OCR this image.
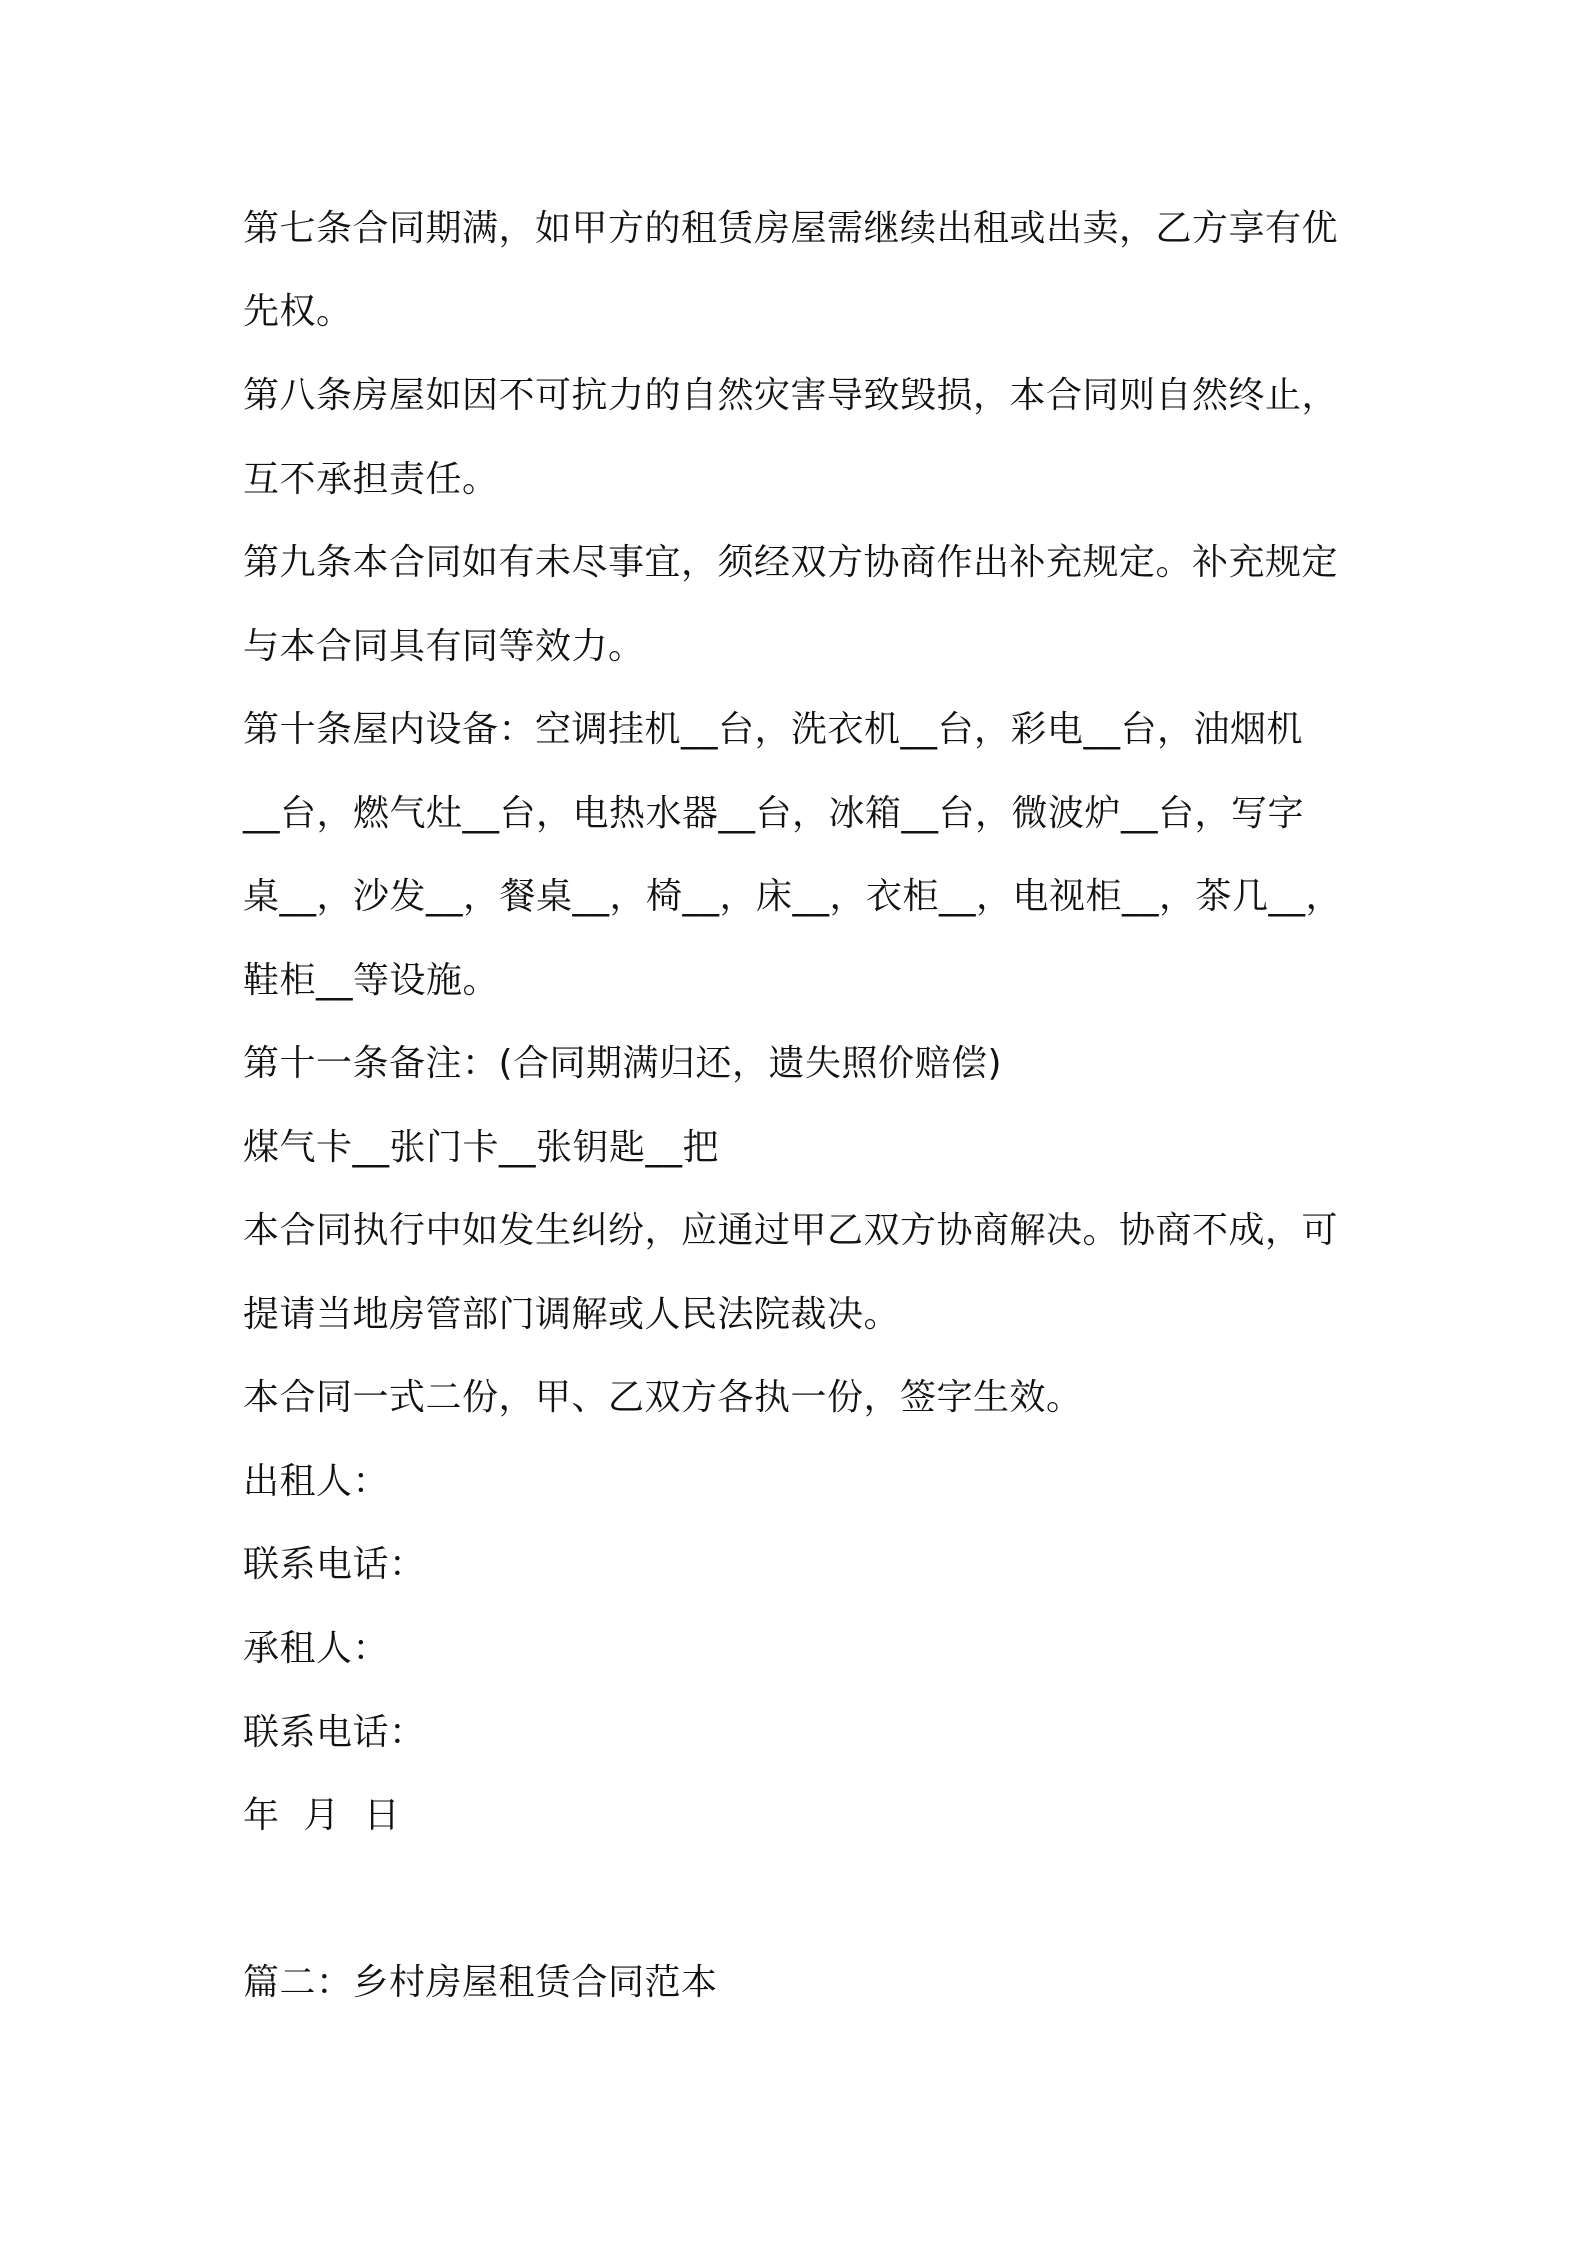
第七条合同期满，如甲方的租赁房屋需继续出租或出卖，乙方享有优
先权。
第八条房屋如因不可抗力的自然灾害导致毁损，本合同则自然终止，
互不承担责任。
第九条本合同如有未尽事宜，须经双方协商作出补充规定。补充规定
与本合同具有同等效力。
第十条屋内设备：空调挂机__台，洗衣机__台，彩电__台，油烟机
__台，燃气灶__台，电热水器__台，冰箱__台，微波炉__台，写字
桌__，沙发__，餐桌__，椅__，床__，衣柜__，电视柜__，茶几__，
鞋柜__等设施。
第十一条备注：(合同期满归还，遗失照价赔偿)
煤气卡__张门卡__张钥匙__把
本合同执行中如发生纠纷，应通过甲乙双方协商解决。协商不成，可
提请当地房管部门调解或人民法院裁决。
本合同一式二份，甲、乙双方各执一份，签字生效。
出租人：
联系电话：
承租人：
联系电话：
年  月  日
篇二：乡村房屋租赁合同范本
